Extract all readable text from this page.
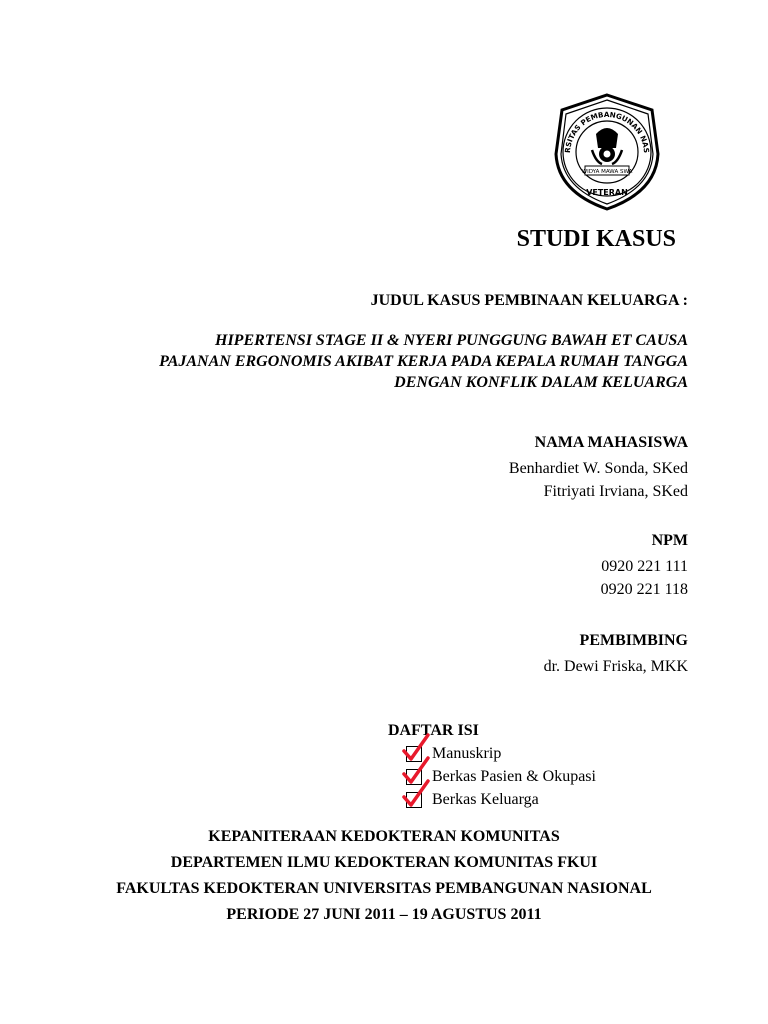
RSITAS PEMBANGUNAN NAS
WIDYA MAWA SWA
VETERAN
STUDI KASUS
JUDUL KASUS PEMBINAAN KELUARGA :
HIPERTENSI STAGE II & NYERI PUNGGUNG BAWAH ET CAUSA
PAJANAN ERGONOMIS AKIBAT KERJA PADA KEPALA RUMAH TANGGA
DENGAN KONFLIK DALAM KELUARGA
NAMA MAHASISWA
Benhardiet W. Sonda, SKed
Fitriyati Irviana, SKed
NPM
0920 221 111
0920 221 118
PEMBIMBING
dr. Dewi Friska, MKK
DAFTAR ISI
Manuskrip
Berkas Pasien & Okupasi
Berkas Keluarga
KEPANITERAAN KEDOKTERAN KOMUNITAS
DEPARTEMEN ILMU KEDOKTERAN KOMUNITAS FKUI
FAKULTAS KEDOKTERAN UNIVERSITAS PEMBANGUNAN NASIONAL
PERIODE 27 JUNI 2011 – 19 AGUSTUS 2011
